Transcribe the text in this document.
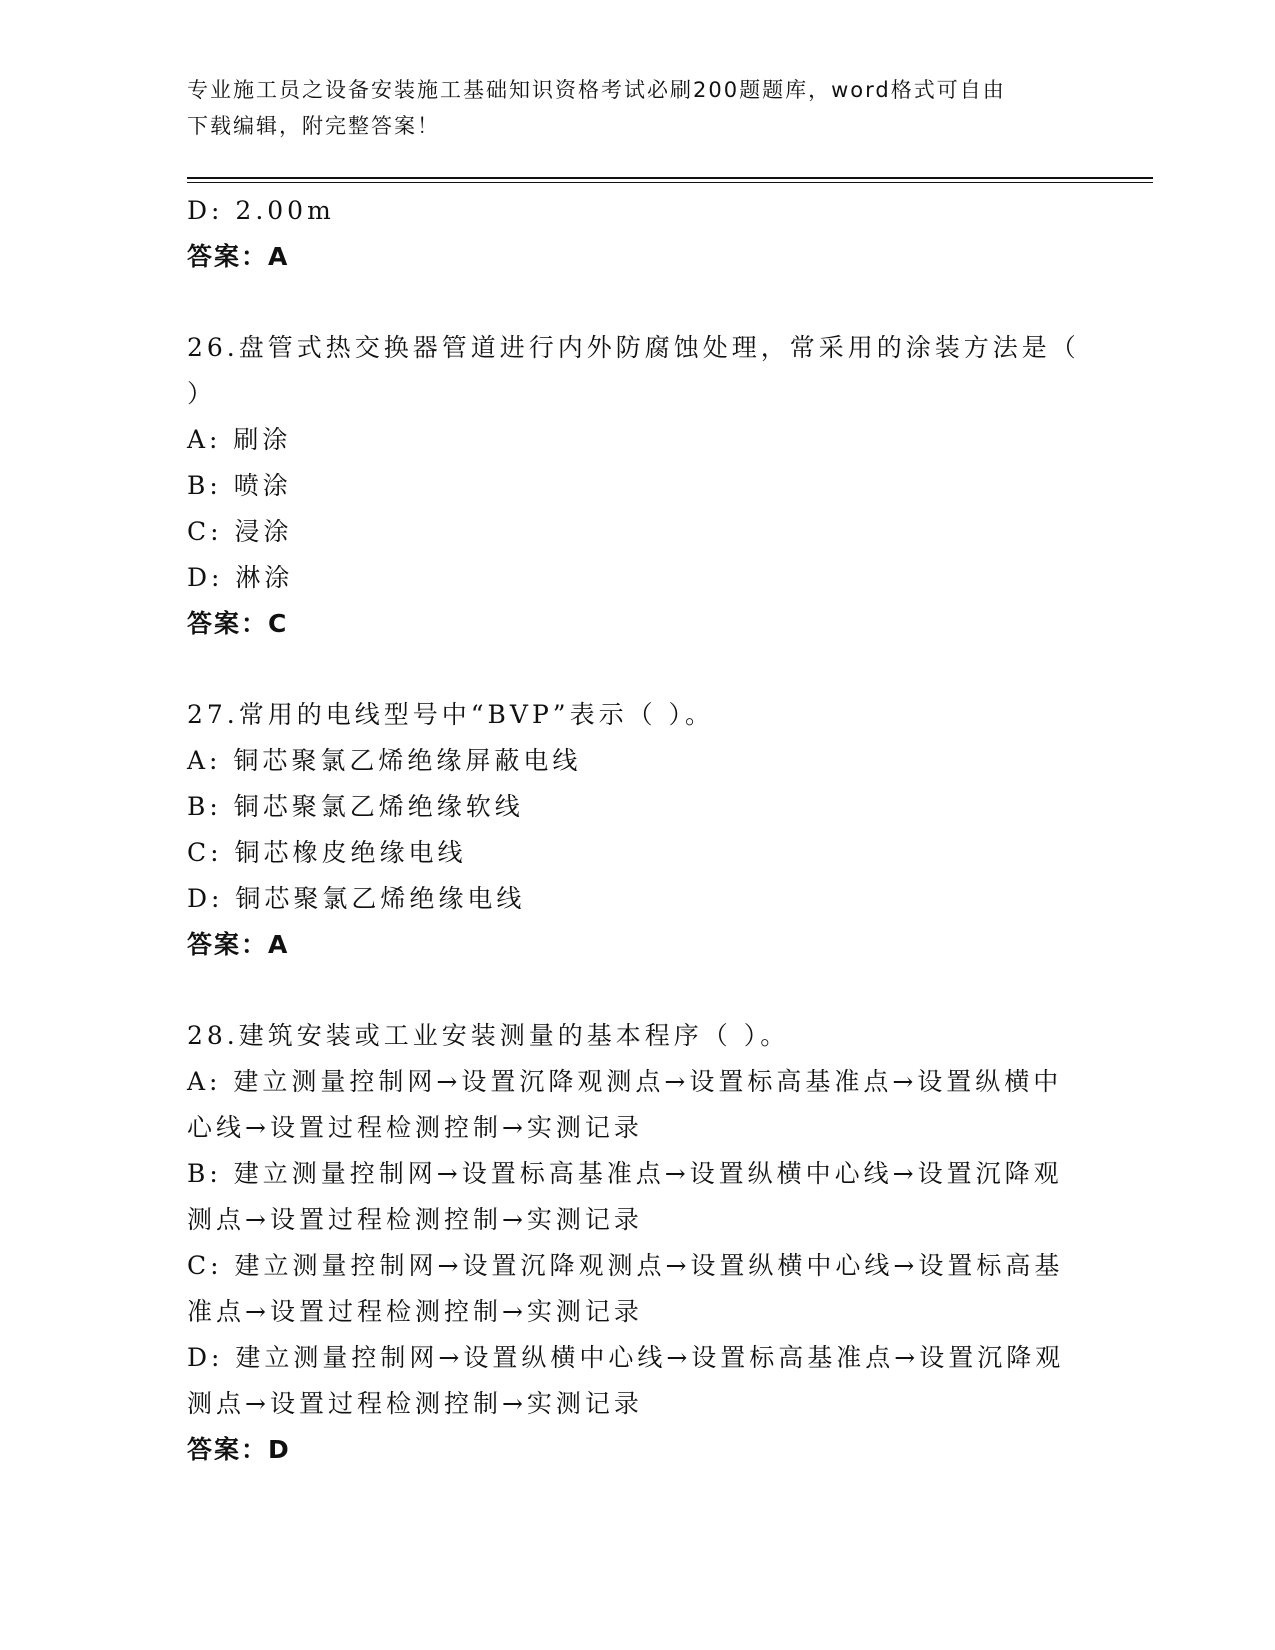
专业施工员之设备安装施工基础知识资格考试必刷200题题库，word格式可自由
下载编辑，附完整答案！
D: 2.00m
答案：A
26.盘管式热交换器管道进行内外防腐蚀处理，常采用的涂装方法是（
）
A: 刷涂
B: 喷涂
C: 浸涂
D: 淋涂
答案：C
27.常用的电线型号中“BVP”表示（ ）。
A: 铜芯聚氯乙烯绝缘屏蔽电线
B: 铜芯聚氯乙烯绝缘软线
C: 铜芯橡皮绝缘电线
D: 铜芯聚氯乙烯绝缘电线
答案：A
28.建筑安装或工业安装测量的基本程序（ ）。
A: 建立测量控制网→设置沉降观测点→设置标高基准点→设置纵横中
心线→设置过程检测控制→实测记录
B: 建立测量控制网→设置标高基准点→设置纵横中心线→设置沉降观
测点→设置过程检测控制→实测记录
C: 建立测量控制网→设置沉降观测点→设置纵横中心线→设置标高基
准点→设置过程检测控制→实测记录
D: 建立测量控制网→设置纵横中心线→设置标高基准点→设置沉降观
测点→设置过程检测控制→实测记录
答案：D
